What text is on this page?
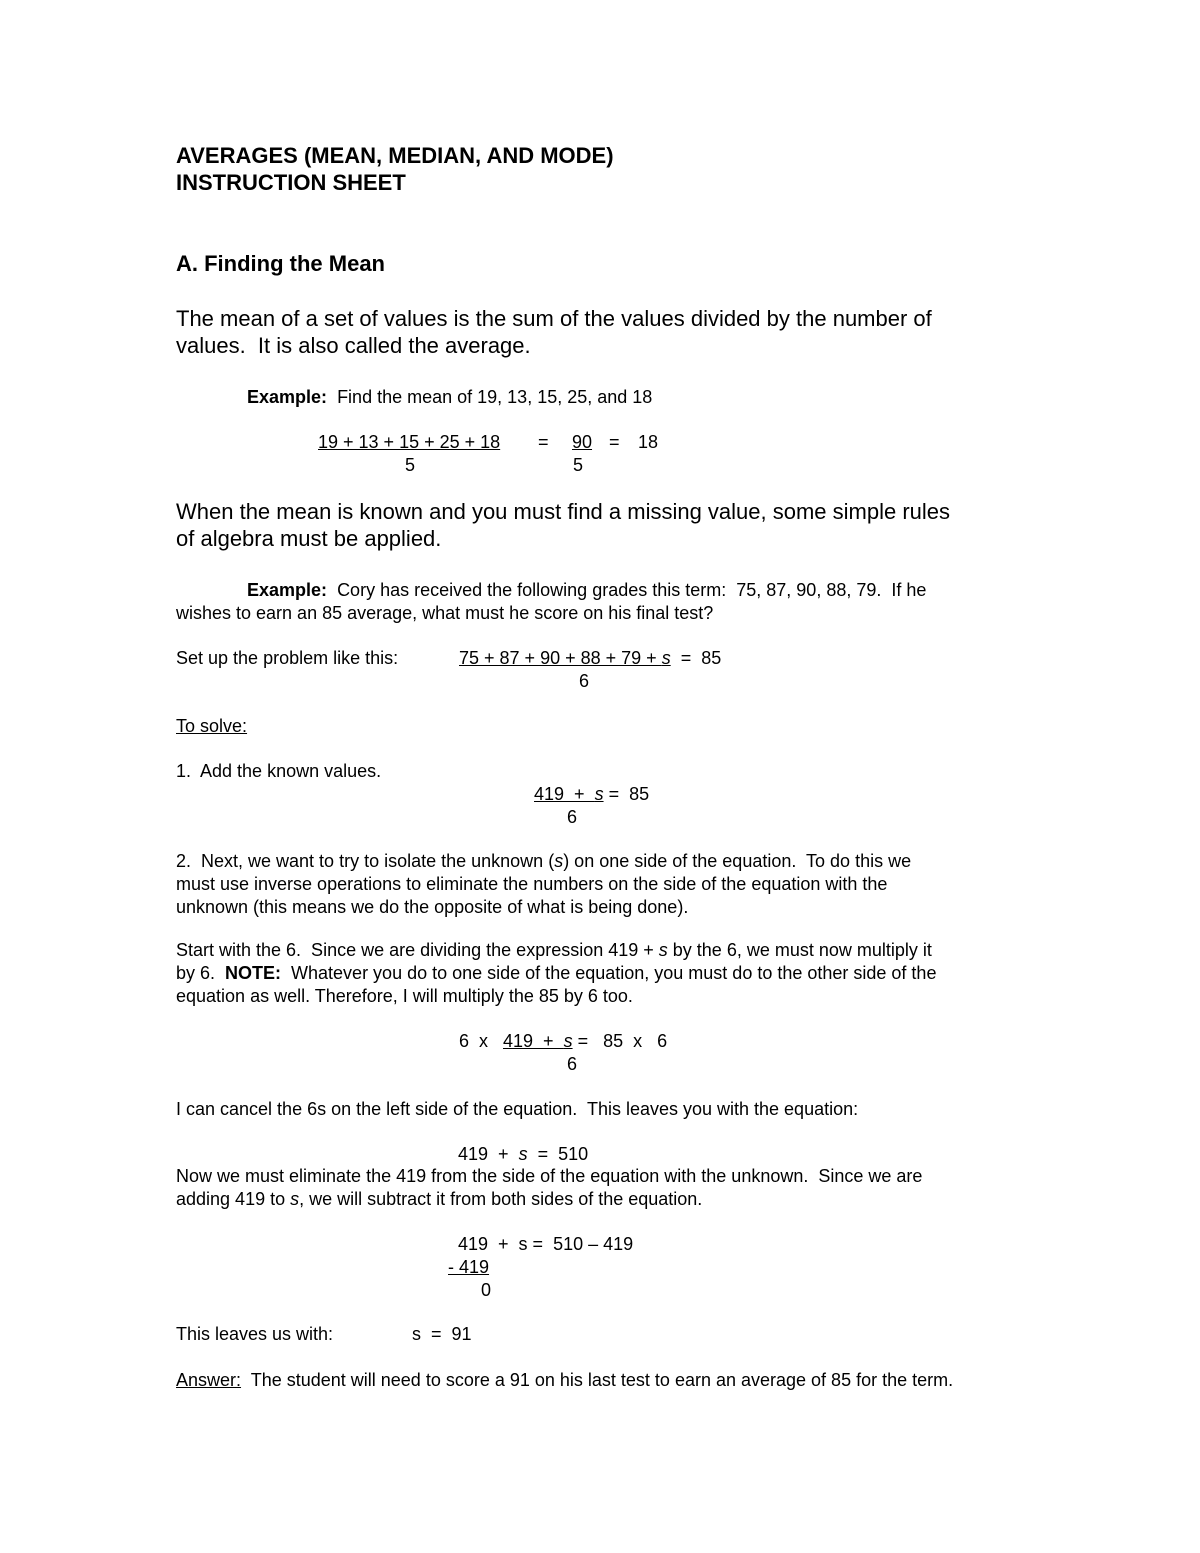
AVERAGES (MEAN, MEDIAN, AND MODE)
INSTRUCTION SHEET
A. Finding the Mean
The mean of a set of values is the sum of the values divided by the number of
values.  It is also called the average.
Example: Find the mean of 19, 13, 15, 25, and 18
19 + 13 + 15 + 25 + 18
5
= 90
5
= 18
When the mean is known and you must find a missing value, some simple rules
of algebra must be applied.
Example: Cory has received the following grades this term:  75, 87, 90, 88, 79.  If he
wishes to earn an 85 average, what must he score on his final test?
Set up the problem like this:	75 + 87 + 90 + 88 + 79 + s =  85
6
To solve:
1.  Add the known values.
419  +  s =  85
6
2.  Next, we want to try to isolate the unknown (s) on one side of the equation.  To do this we
must use inverse operations to eliminate the numbers on the side of the equation with the
unknown (this means we do the opposite of what is being done).
Start with the 6.  Since we are dividing the expression 419 + s by the 6, we must now multiply it
by 6.  NOTE:  Whatever you do to one side of the equation, you must do to the other side of the
equation as well. Therefore, I will multiply the 85 by 6 too.
6  x   419  +  s =   85  x   6
6
I can cancel the 6s on the left side of the equation.  This leaves you with the equation:
419  +  s  =  510
Now we must eliminate the 419 from the side of the equation with the unknown.  Since we are
adding 419 to s, we will subtract it from both sides of the equation.
419  +  s =  510 – 419
- 419
0
This leaves us with:	s  =  91
Answer:  The student will need to score a 91 on his last test to earn an average of 85 for the term.
